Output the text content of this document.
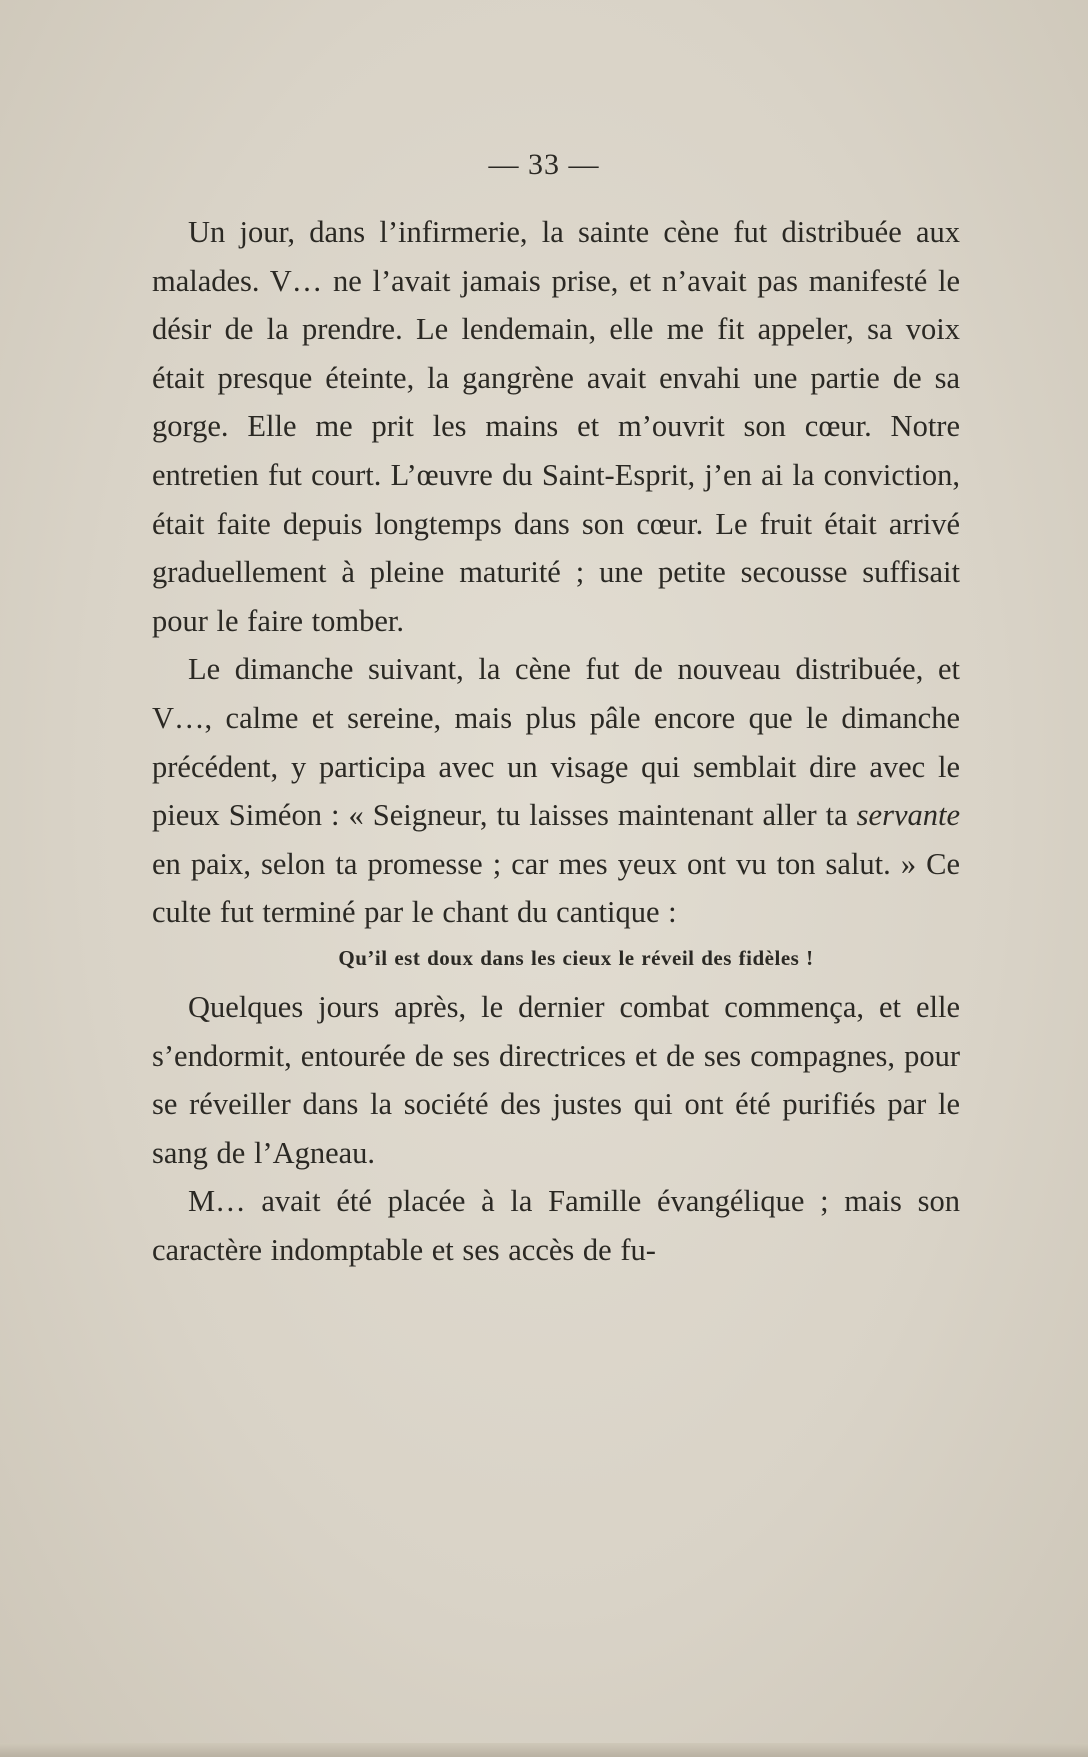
— 33 —

Un jour, dans l’infirmerie, la sainte cène fut distribuée aux malades. V… ne l’avait jamais prise, et n’avait pas manifesté le désir de la prendre. Le lendemain, elle me fit appeler, sa voix était presque éteinte, la gangrène avait envahi une partie de sa gorge. Elle me prit les mains et m’ouvrit son cœur. Notre entretien fut court. L’œuvre du Saint-Esprit, j’en ai la conviction, était faite depuis longtemps dans son cœur. Le fruit était arrivé graduellement à pleine maturité ; une petite secousse suffisait pour le faire tomber.

Le dimanche suivant, la cène fut de nouveau distribuée, et V…, calme et sereine, mais plus pâle encore que le dimanche précédent, y participa avec un visage qui semblait dire avec le pieux Siméon : « Seigneur, tu laisses maintenant aller ta servante en paix, selon ta promesse ; car mes yeux ont vu ton salut. » Ce culte fut terminé par le chant du cantique :

Qu’il est doux dans les cieux le réveil des fidèles !

Quelques jours après, le dernier combat commença, et elle s’endormit, entourée de ses directrices et de ses compagnes, pour se réveiller dans la société des justes qui ont été purifiés par le sang de l’Agneau.

M… avait été placée à la Famille évangélique ; mais son caractère indomptable et ses accès de fu-
